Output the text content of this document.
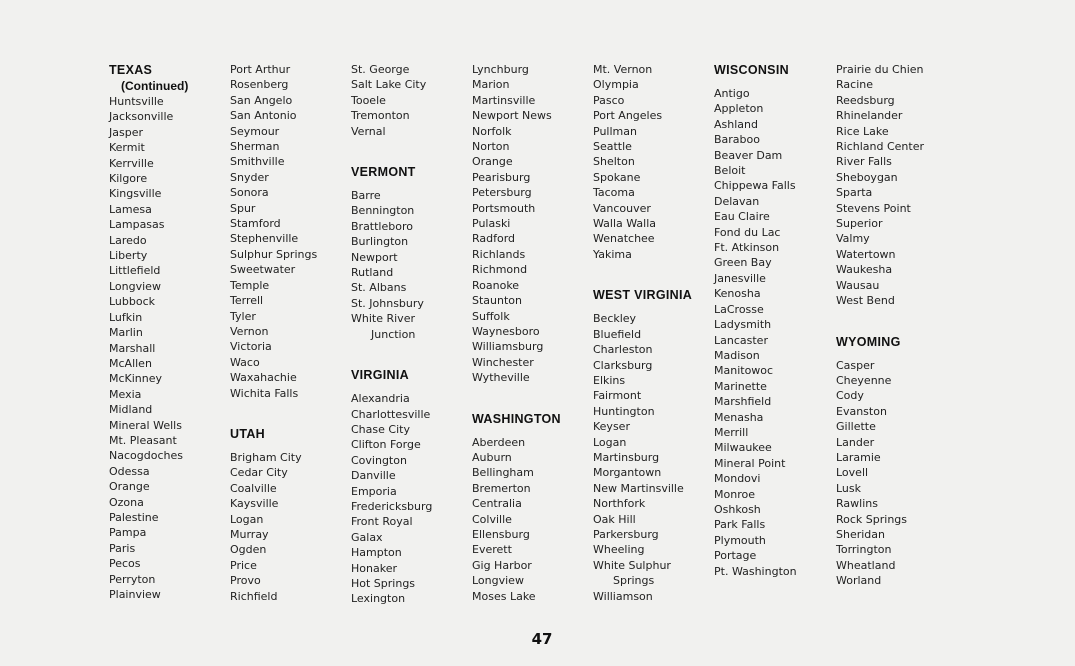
TEXAS
(Continued)
Huntsville
Jacksonville
Jasper
Kermit
Kerrville
Kilgore
Kingsville
Lamesa
Lampasas
Laredo
Liberty
Littlefield
Longview
Lubbock
Lufkin
Marlin
Marshall
McAllen
McKinney
Mexia
Midland
Mineral Wells
Mt. Pleasant
Nacogdoches
Odessa
Orange
Ozona
Palestine
Pampa
Paris
Pecos
Perryton
Plainview
Port Arthur
Rosenberg
San Angelo
San Antonio
Seymour
Sherman
Smithville
Snyder
Sonora
Spur
Stamford
Stephenville
Sulphur Springs
Sweetwater
Temple
Terrell
Tyler
Vernon
Victoria
Waco
Waxahachie
Wichita Falls
UTAH
Brigham City
Cedar City
Coalville
Kaysville
Logan
Murray
Ogden
Price
Provo
Richfield
St. George
Salt Lake City
Tooele
Tremonton
Vernal
VERMONT
Barre
Bennington
Brattleboro
Burlington
Newport
Rutland
St. Albans
St. Johnsbury
White River
Junction
VIRGINIA
Alexandria
Charlottesville
Chase City
Clifton Forge
Covington
Danville
Emporia
Fredericksburg
Front Royal
Galax
Hampton
Honaker
Hot Springs
Lexington
Lynchburg
Marion
Martinsville
Newport News
Norfolk
Norton
Orange
Pearisburg
Petersburg
Portsmouth
Pulaski
Radford
Richlands
Richmond
Roanoke
Staunton
Suffolk
Waynesboro
Williamsburg
Winchester
Wytheville
WASHINGTON
Aberdeen
Auburn
Bellingham
Bremerton
Centralia
Colville
Ellensburg
Everett
Gig Harbor
Longview
Moses Lake
Mt. Vernon
Olympia
Pasco
Port Angeles
Pullman
Seattle
Shelton
Spokane
Tacoma
Vancouver
Walla Walla
Wenatchee
Yakima
WEST VIRGINIA
Beckley
Bluefield
Charleston
Clarksburg
Elkins
Fairmont
Huntington
Keyser
Logan
Martinsburg
Morgantown
New Martinsville
Northfork
Oak Hill
Parkersburg
Wheeling
White Sulphur
Springs
Williamson
WISCONSIN
Antigo
Appleton
Ashland
Baraboo
Beaver Dam
Beloit
Chippewa Falls
Delavan
Eau Claire
Fond du Lac
Ft. Atkinson
Green Bay
Janesville
Kenosha
LaCrosse
Ladysmith
Lancaster
Madison
Manitowoc
Marinette
Marshfield
Menasha
Merrill
Milwaukee
Mineral Point
Mondovi
Monroe
Oshkosh
Park Falls
Plymouth
Portage
Pt. Washington
Prairie du Chien
Racine
Reedsburg
Rhinelander
Rice Lake
Richland Center
River Falls
Sheboygan
Sparta
Stevens Point
Superior
Valmy
Watertown
Waukesha
Wausau
West Bend
WYOMING
Casper
Cheyenne
Cody
Evanston
Gillette
Lander
Laramie
Lovell
Lusk
Rawlins
Rock Springs
Sheridan
Torrington
Wheatland
Worland
47
